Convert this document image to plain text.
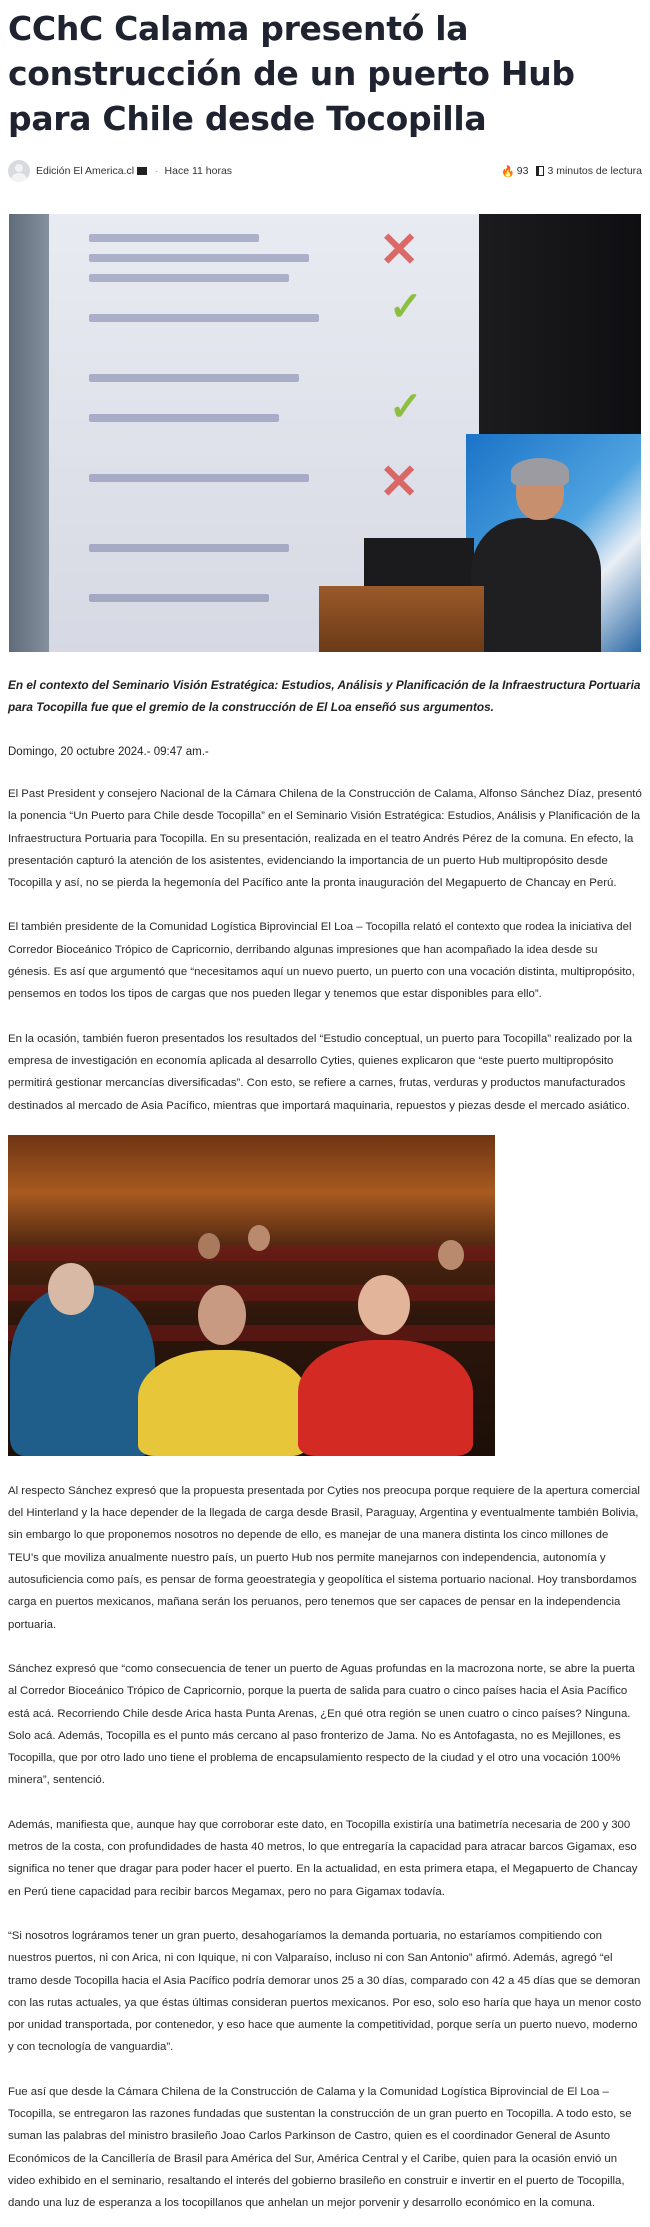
CChC Calama presentó la construcción de un puerto Hub para Chile desde Tocopilla
Edición El America.cl · Hace 11 horas	🔥 93 3 minutos de lectura
✕
✓
✓
✕

En el contexto del Seminario Visión Estratégica: Estudios, Análisis y Planificación de la Infraestructura Portuaria para Tocopilla fue que el gremio de la construcción de El Loa enseñó sus argumentos.

Domingo, 20 octubre 2024.- 09:47 am.-

El Past President y consejero Nacional de la Cámara Chilena de la Construcción de Calama, Alfonso Sánchez Díaz, presentó la ponencia “Un Puerto para Chile desde Tocopilla” en el Seminario Visión Estratégica: Estudios, Análisis y Planificación de la Infraestructura Portuaria para Tocopilla. En su presentación, realizada en el teatro Andrés Pérez de la comuna. En efecto, la presentación capturó la atención de los asistentes, evidenciando la importancia de un puerto Hub multipropósito desde Tocopilla y así, no se pierda la hegemonía del Pacífico ante la pronta inauguración del Megapuerto de Chancay en Perú.

El también presidente de la Comunidad Logística Biprovincial El Loa – Tocopilla relató el contexto que rodea la iniciativa del Corredor Bioceánico Trópico de Capricornio, derribando algunas impresiones que han acompañado la idea desde su génesis. Es así que argumentó que “necesitamos aquí un nuevo puerto, un puerto con una vocación distinta, multipropósito, pensemos en todos los tipos de cargas que nos pueden llegar y tenemos que estar disponibles para ello”.

En la ocasión, también fueron presentados los resultados del “Estudio conceptual, un puerto para Tocopilla” realizado por la empresa de investigación en economía aplicada al desarrollo Cyties, quienes explicaron que “este puerto multipropósito permitirá gestionar mercancías diversificadas”. Con esto, se refiere a carnes, frutas, verduras y productos manufacturados destinados al mercado de Asia Pacífico, mientras que importará maquinaria, repuestos y piezas desde el mercado asiático.

Al respecto Sánchez expresó que la propuesta presentada por Cyties nos preocupa porque requiere de la apertura comercial del Hinterland y la hace depender de la llegada de carga desde Brasil, Paraguay, Argentina y eventualmente también Bolivia, sin embargo lo que proponemos nosotros no depende de ello, es manejar de una manera distinta los cinco millones de TEU’s que moviliza anualmente nuestro país, un puerto Hub nos permite manejarnos con independencia, autonomía y autosuficiencia como país, es pensar de forma geoestrategia y geopolítica el sistema portuario nacional. Hoy transbordamos carga en puertos mexicanos, mañana serán los peruanos, pero tenemos que ser capaces de pensar en la independencia portuaria.

Sánchez expresó que “como consecuencia de tener un puerto de Aguas profundas en la macrozona norte, se abre la puerta al Corredor Bioceánico Trópico de Capricornio, porque la puerta de salida para cuatro o cinco países hacia el Asia Pacífico está acá. Recorriendo Chile desde Arica hasta Punta Arenas, ¿En qué otra región se unen cuatro o cinco países? Ninguna. Solo acá. Además, Tocopilla es el punto más cercano al paso fronterizo de Jama. No es Antofagasta, no es Mejillones, es Tocopilla, que por otro lado uno tiene el problema de encapsulamiento respecto de la ciudad y el otro una vocación 100% minera”, sentenció.

Además, manifiesta que, aunque hay que corroborar este dato, en Tocopilla existiría una batimetría necesaria de 200 y 300 metros de la costa, con profundidades de hasta 40 metros, lo que entregaría la capacidad para atracar barcos Gigamax, eso significa no tener que dragar para poder hacer el puerto. En la actualidad, en esta primera etapa, el Megapuerto de Chancay en Perú tiene capacidad para recibir barcos Megamax, pero no para Gigamax todavía.

“Si nosotros lográramos tener un gran puerto, desahogaríamos la demanda portuaria, no estaríamos compitiendo con nuestros puertos, ni con Arica, ni con Iquique, ni con Valparaíso, incluso ni con San Antonio” afirmó. Además, agregó “el tramo desde Tocopilla hacia el Asia Pacífico podría demorar unos 25 a 30 días, comparado con 42 a 45 días que se demoran con las rutas actuales, ya que éstas últimas consideran puertos mexicanos. Por eso, solo eso haría que haya un menor costo por unidad transportada, por contenedor, y eso hace que aumente la competitividad, porque sería un puerto nuevo, moderno y con tecnología de vanguardia”.

Fue así que desde la Cámara Chilena de la Construcción de Calama y la Comunidad Logística Biprovincial de El Loa – Tocopilla, se entregaron las razones fundadas que sustentan la construcción de un gran puerto en Tocopilla. A todo esto, se suman las palabras del ministro brasileño Joao Carlos Parkinson de Castro, quien es el coordinador General de Asunto Económicos de la Cancillería de Brasil para América del Sur, América Central y el Caribe, quien para la ocasión envió un video exhibido en el seminario, resaltando el interés del gobierno brasileño en construir e invertir en el puerto de Tocopilla, dando una luz de esperanza a los tocopillanos que anhelan un mejor porvenir y desarrollo económico en la comuna.
